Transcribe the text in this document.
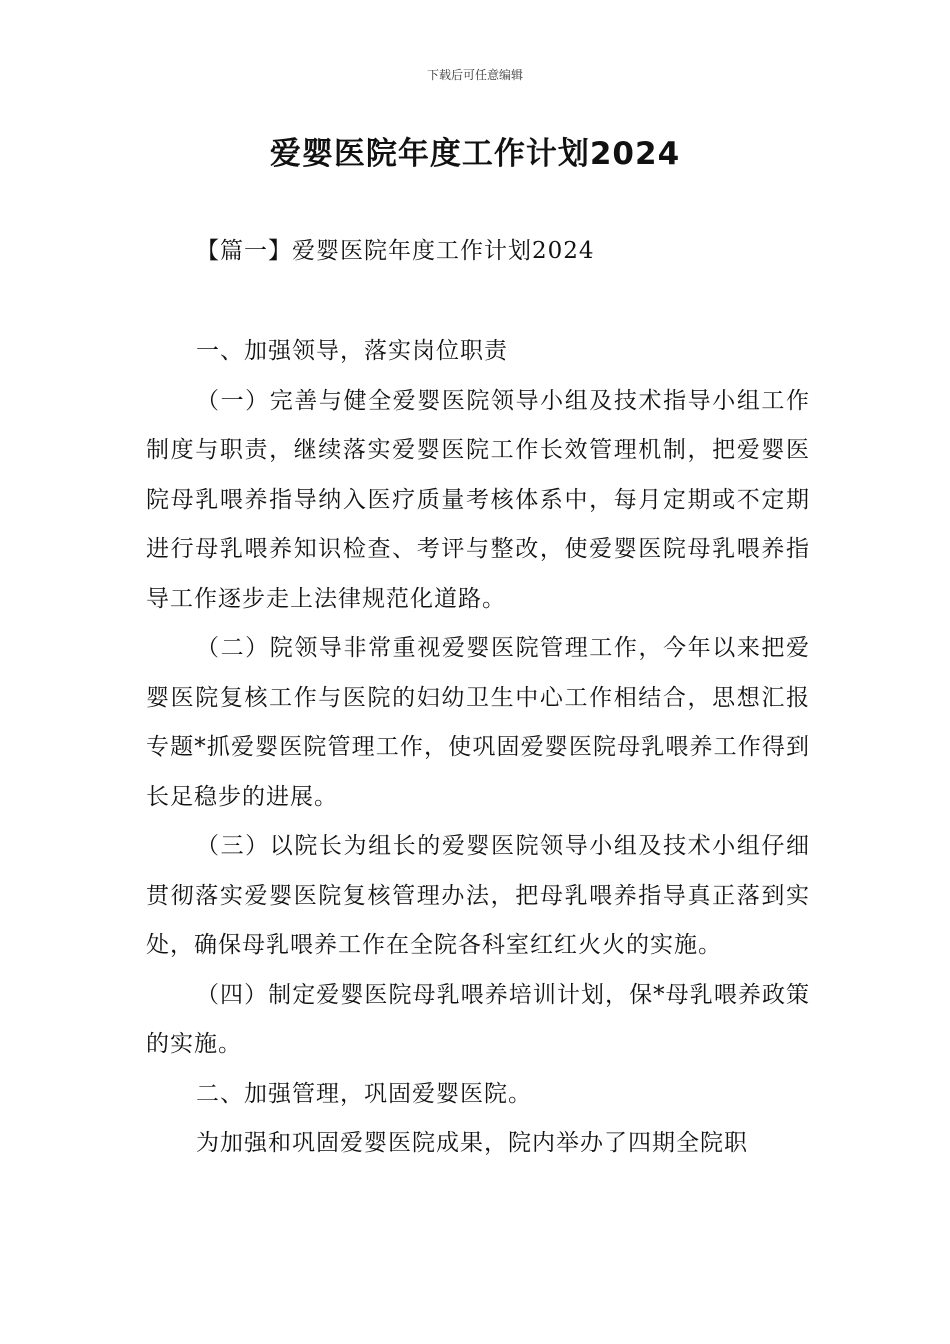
下载后可任意编辑
爱婴医院年度工作计划2024
【篇一】爱婴医院年度工作计划2024

一、加强领导，落实岗位职责

（一）完善与健全爱婴医院领导小组及技术指导小组工作制度与职责，继续落实爱婴医院工作长效管理机制，把爱婴医院母乳喂养指导纳入医疗质量考核体系中，每月定期或不定期进行母乳喂养知识检查、考评与整改，使爱婴医院母乳喂养指导工作逐步走上法律规范化道路。

（二）院领导非常重视爱婴医院管理工作，今年以来把爱婴医院复核工作与医院的妇幼卫生中心工作相结合，思想汇报专题*抓爱婴医院管理工作，使巩固爱婴医院母乳喂养工作得到长足稳步的进展。

（三）以院长为组长的爱婴医院领导小组及技术小组仔细贯彻落实爱婴医院复核管理办法，把母乳喂养指导真正落到实处，确保母乳喂养工作在全院各科室红红火火的实施。

（四）制定爱婴医院母乳喂养培训计划，保*母乳喂养政策的实施。

二、加强管理，巩固爱婴医院。

为加强和巩固爱婴医院成果，院内举办了四期全院职
